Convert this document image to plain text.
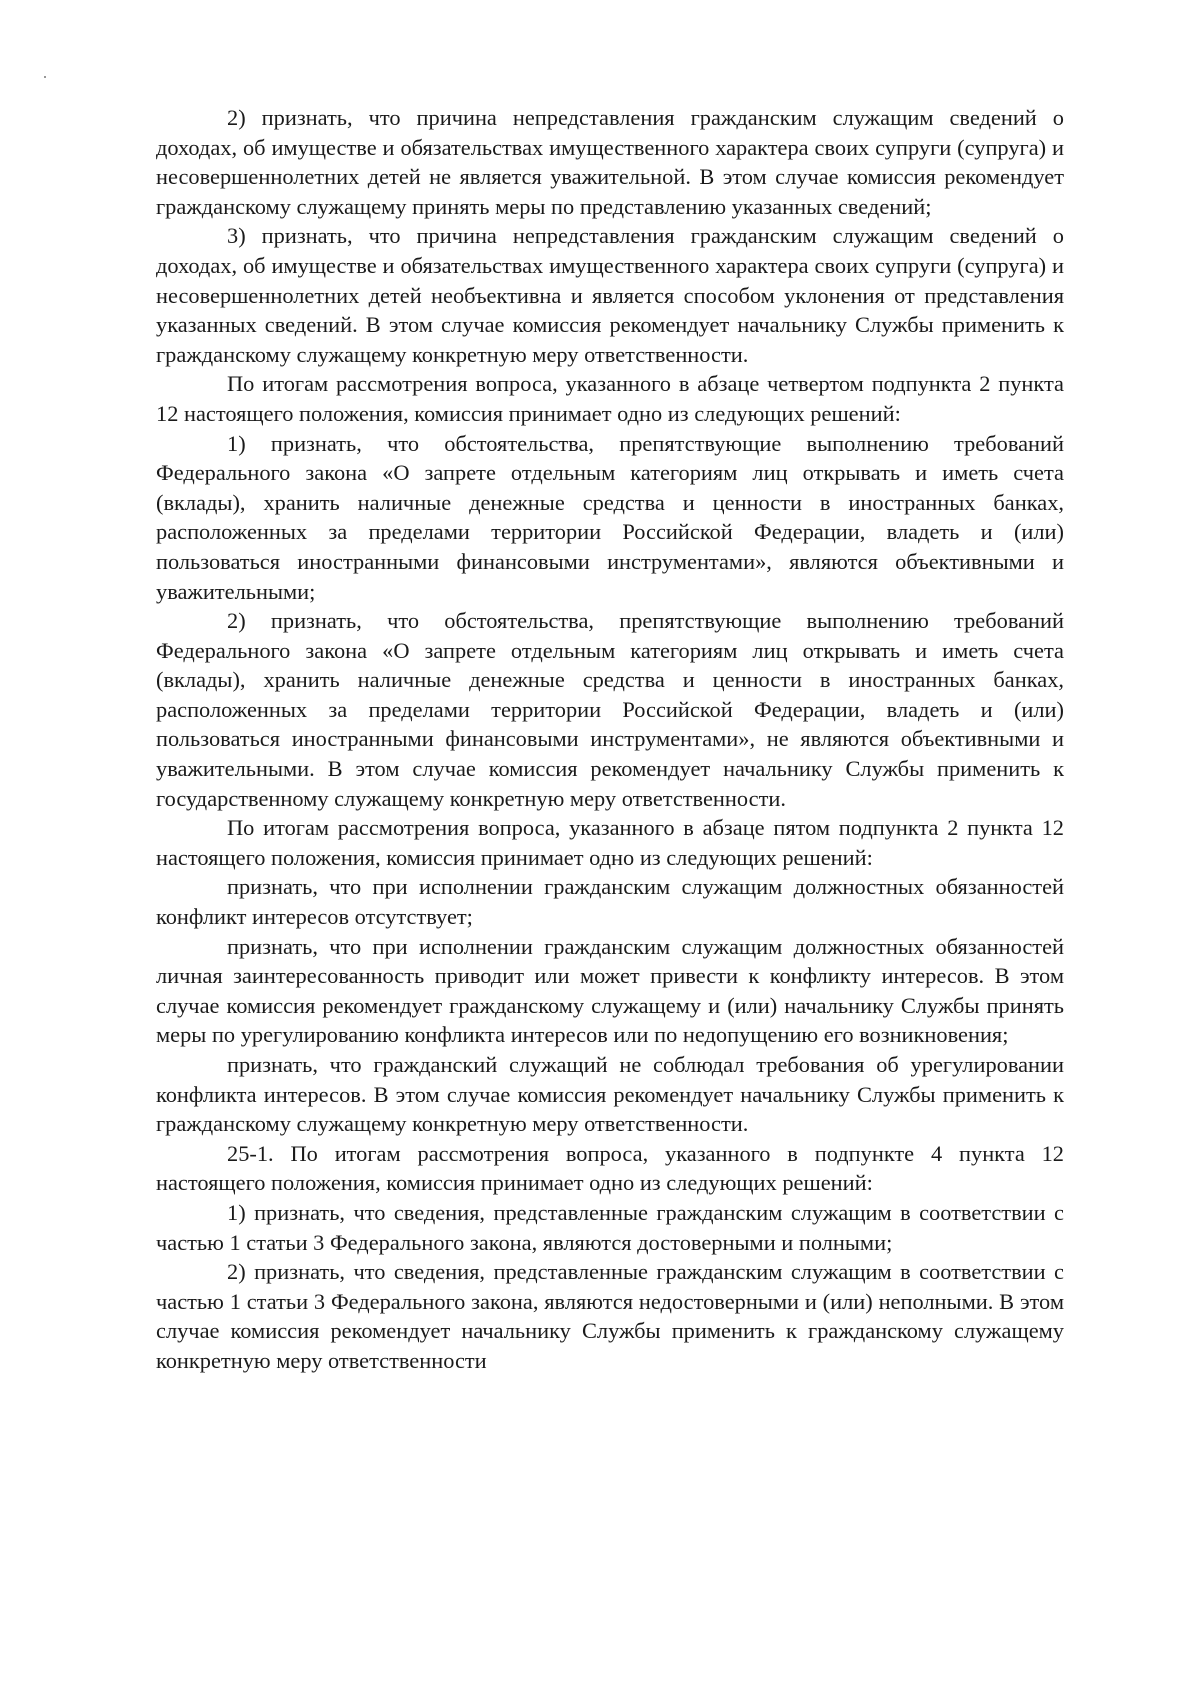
2) признать, что причина непредставления гражданским служащим сведений о доходах, об имуществе и обязательствах имущественного характера своих супруги (супруга) и несовершеннолетних детей не является уважительной. В этом случае комиссия рекомендует гражданскому служащему принять меры по представлению указанных сведений;

3) признать, что причина непредставления гражданским служащим сведений о доходах, об имуществе и обязательствах имущественного характера своих супруги (супруга) и несовершеннолетних детей необъективна и является способом уклонения от представления указанных сведений. В этом случае комиссия рекомендует начальнику Службы применить к гражданскому служащему конкретную меру ответственности.

По итогам рассмотрения вопроса, указанного в абзаце четвертом подпункта 2 пункта 12 настоящего положения, комиссия принимает одно из следующих решений:

1) признать, что обстоятельства, препятствующие выполнению требований Федерального закона «О запрете отдельным категориям лиц открывать и иметь счета (вклады), хранить наличные денежные средства и ценности в иностранных банках, расположенных за пределами территории Российской Федерации, владеть и (или) пользоваться иностранными финансовыми инструментами», являются объективными и уважительными;

2) признать, что обстоятельства, препятствующие выполнению требований Федерального закона «О запрете отдельным категориям лиц открывать и иметь счета (вклады), хранить наличные денежные средства и ценности в иностранных банках, расположенных за пределами территории Российской Федерации, владеть и (или) пользоваться иностранными финансовыми инструментами», не являются объективными и уважительными. В этом случае комиссия рекомендует начальнику Службы применить к государственному служащему конкретную меру ответственности.

По итогам рассмотрения вопроса, указанного в абзаце пятом подпункта 2 пункта 12 настоящего положения, комиссия принимает одно из следующих решений:

признать, что при исполнении гражданским служащим должностных обязанностей конфликт интересов отсутствует;

признать, что при исполнении гражданским служащим должностных обязанностей личная заинтересованность приводит или может привести к конфликту интересов. В этом случае комиссия рекомендует гражданскому служащему и (или) начальнику Службы принять меры по урегулированию конфликта интересов или по недопущению его возникновения;

признать, что гражданский служащий не соблюдал требования об урегулировании конфликта интересов. В этом случае комиссия рекомендует начальнику Службы применить к гражданскому служащему конкретную меру ответственности.

25-1. По итогам рассмотрения вопроса, указанного в подпункте 4 пункта 12 настоящего положения, комиссия принимает одно из следующих решений:

1) признать, что сведения, представленные гражданским служащим в соответствии с частью 1 статьи 3 Федерального закона, являются достоверными и полными;

2) признать, что сведения, представленные гражданским служащим в соответствии с частью 1 статьи 3 Федерального закона, являются недостоверными и (или) неполными. В этом случае комиссия рекомендует начальнику Службы применить к гражданскому служащему конкретную меру ответственности
